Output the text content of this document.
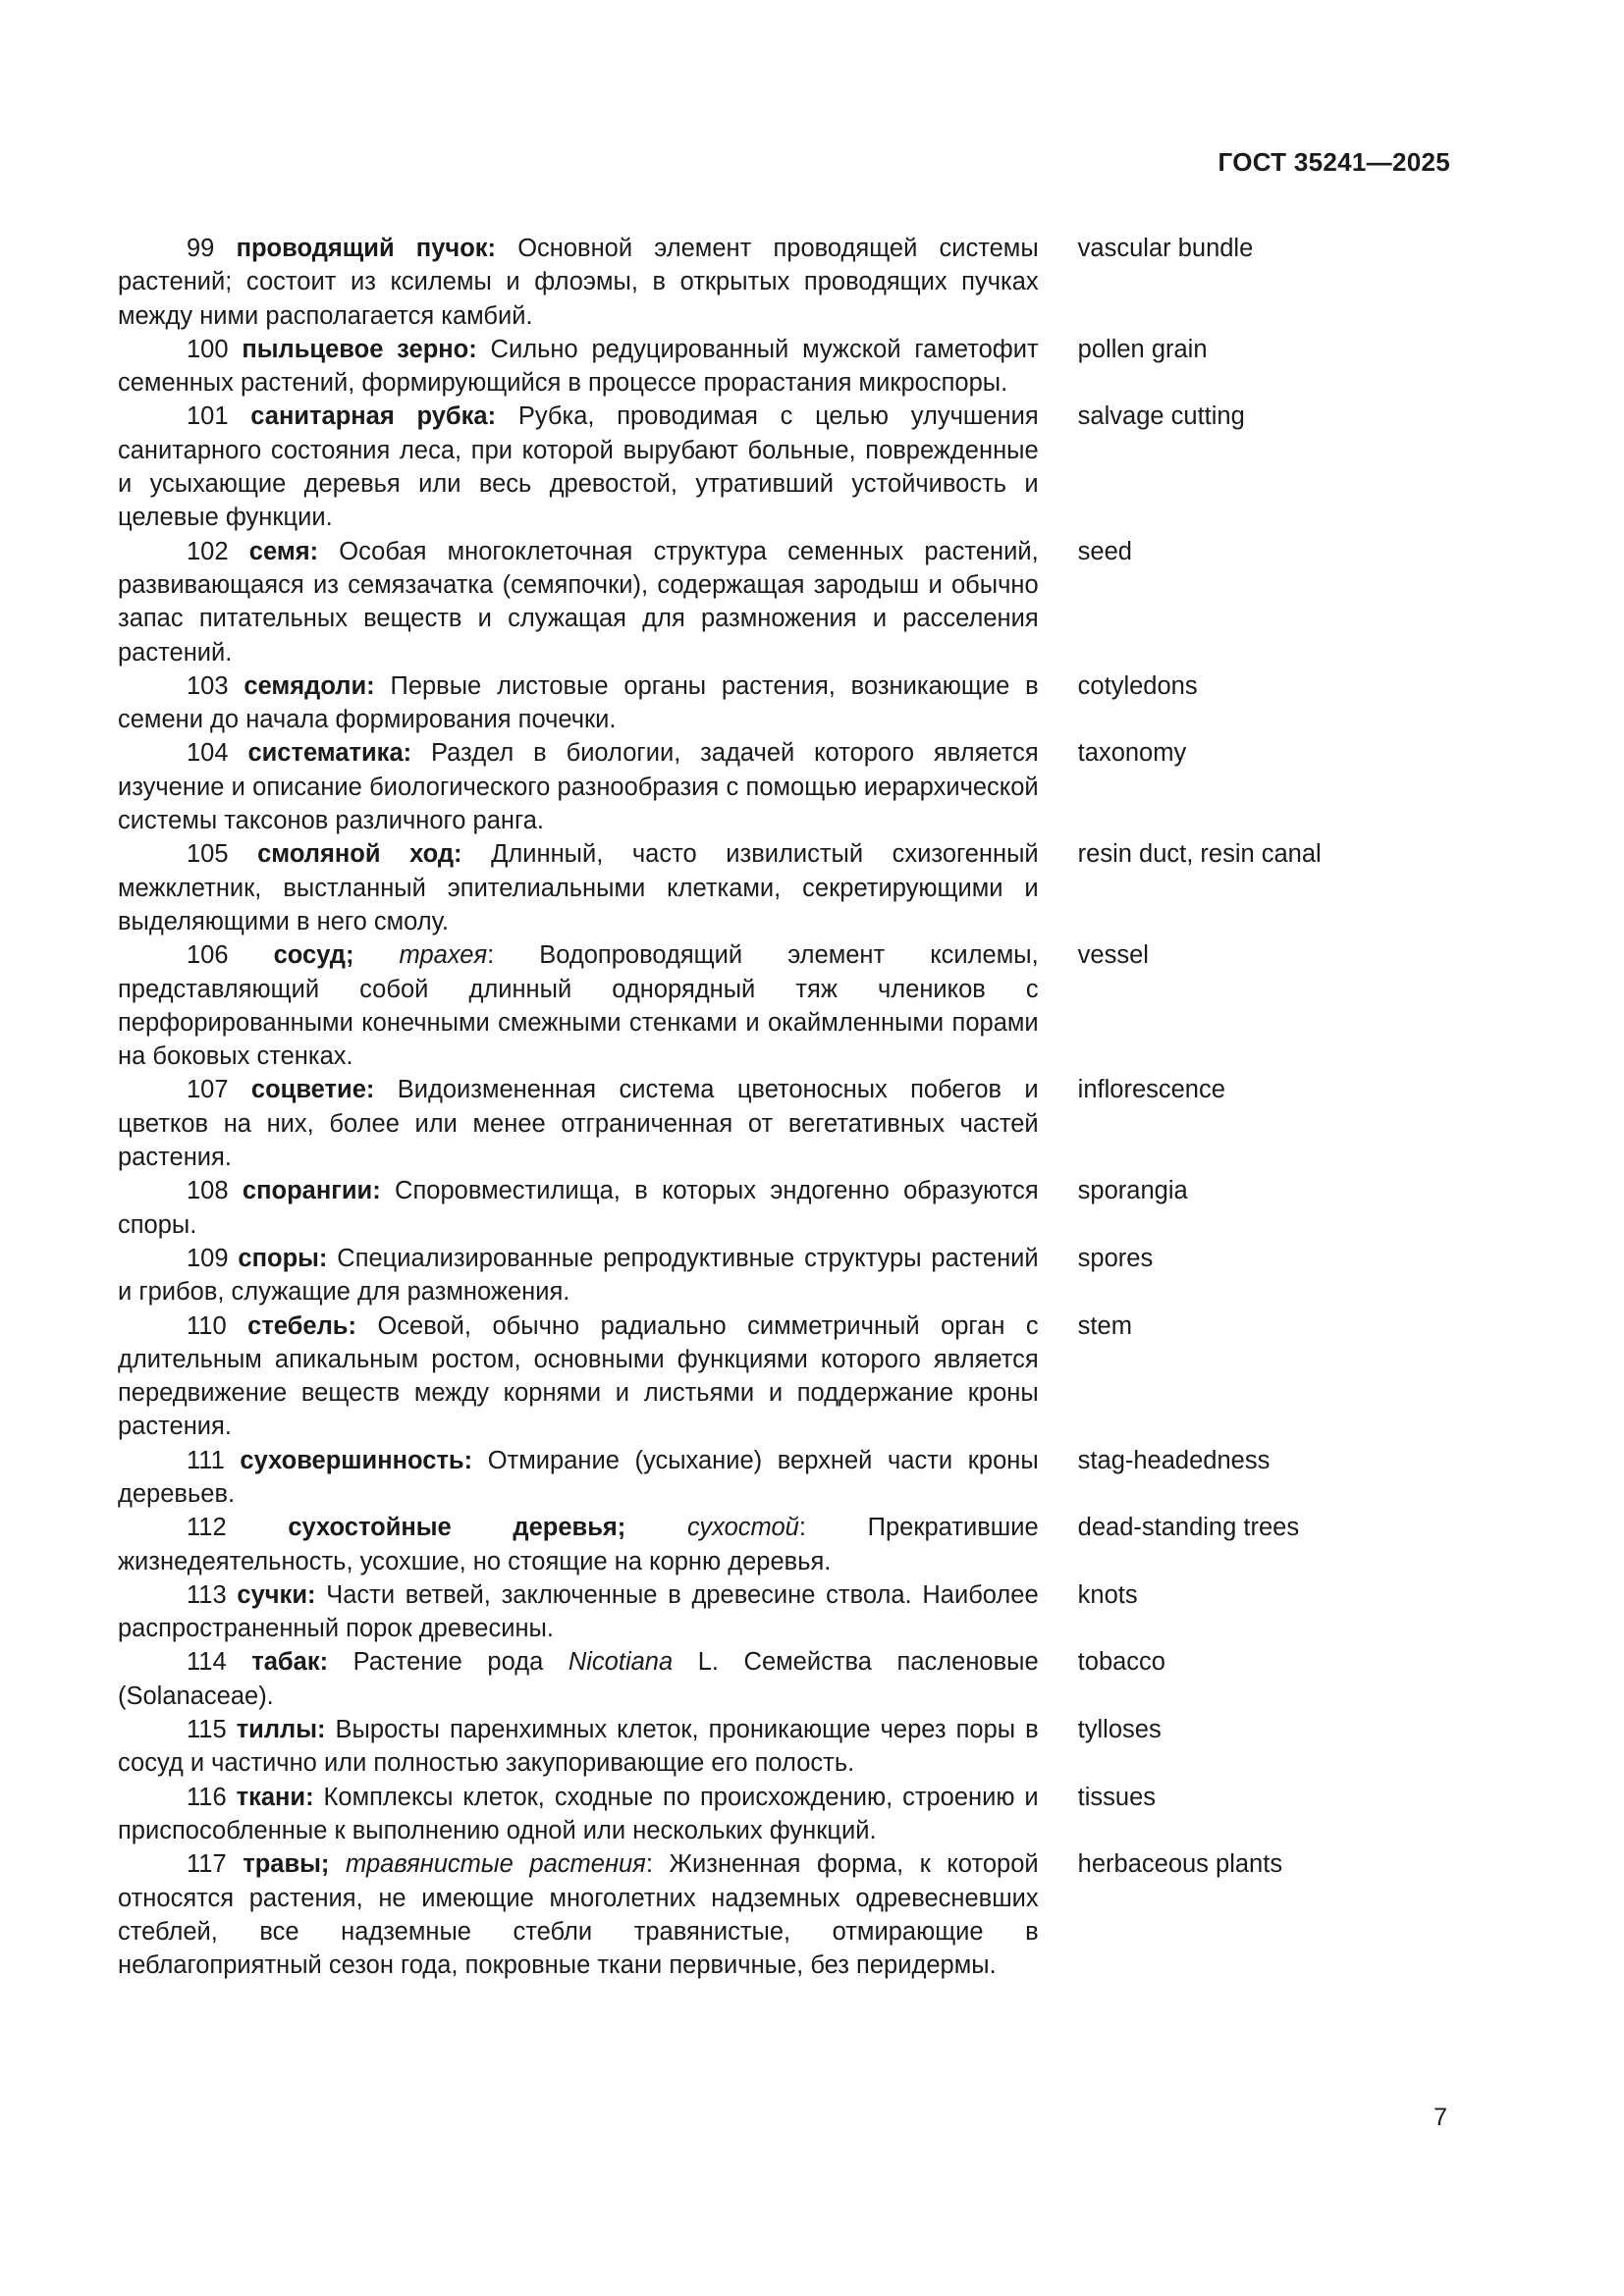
ГОСТ 35241—2025
99 проводящий пучок: Основной элемент проводящей системы растений; состоит из ксилемы и флоэмы, в открытых проводящих пучках между ними располагается камбий.
vascular bundle
100 пыльцевое зерно: Сильно редуцированный мужской гаметофит семенных растений, формирующийся в процессе прорастания микроспоры.
pollen grain
101 санитарная рубка: Рубка, проводимая с целью улучшения санитарного состояния леса, при которой вырубают больные, поврежденные и усыхающие деревья или весь древостой, утративший устойчивость и целевые функции.
salvage cutting
102 семя: Особая многоклеточная структура семенных растений, развивающаяся из семязачатка (семяпочки), содержащая зародыш и обычно запас питательных веществ и служащая для размножения и расселения растений.
seed
103 семядоли: Первые листовые органы растения, возникающие в семени до начала формирования почечки.
cotyledons
104 систематика: Раздел в биологии, задачей которого является изучение и описание биологического разнообразия с помощью иерархической системы таксонов различного ранга.
taxonomy
105 смоляной ход: Длинный, часто извилистый схизогенный межклетник, выстланный эпителиальными клетками, секретирующими и выделяющими в него смолу.
resin duct, resin canal
106 сосуд; трахея: Водопроводящий элемент ксилемы, представляющий собой длинный однорядный тяж члеников с перфорированными конечными смежными стенками и окаймленными порами на боковых стенках.
vessel
107 соцветие: Видоизмененная система цветоносных побегов и цветков на них, более или менее отграниченная от вегетативных частей растения.
inflorescence
108 спорангии: Споровместилища, в которых эндогенно образуются споры.
sporangia
109 споры: Специализированные репродуктивные структуры растений и грибов, служащие для размножения.
spores
110 стебель: Осевой, обычно радиально симметричный орган с длительным апикальным ростом, основными функциями которого является передвижение веществ между корнями и листьями и поддержание кроны растения.
stem
111 суховершинность: Отмирание (усыхание) верхней части кроны деревьев.
stag-headedness
112 сухостойные деревья; сухостой: Прекратившие жизнедеятельность, усохшие, но стоящие на корню деревья.
dead-standing trees
113 сучки: Части ветвей, заключенные в древесине ствола. Наиболее распространенный порок древесины.
knots
114 табак: Растение рода Nicotiana L. Семейства пасленовые (Solanaceae).
tobacco
115 тиллы: Выросты паренхимных клеток, проникающие через поры в сосуд и частично или полностью закупоривающие его полость.
tylloses
116 ткани: Комплексы клеток, сходные по происхождению, строению и приспособленные к выполнению одной или нескольких функций.
tissues
117 травы; травянистые растения: Жизненная форма, к которой относятся растения, не имеющие многолетних надземных одревесневших стеблей, все надземные стебли травянистые, отмирающие в неблагоприятный сезон года, покровные ткани первичные, без перидермы.
herbaceous plants
7
